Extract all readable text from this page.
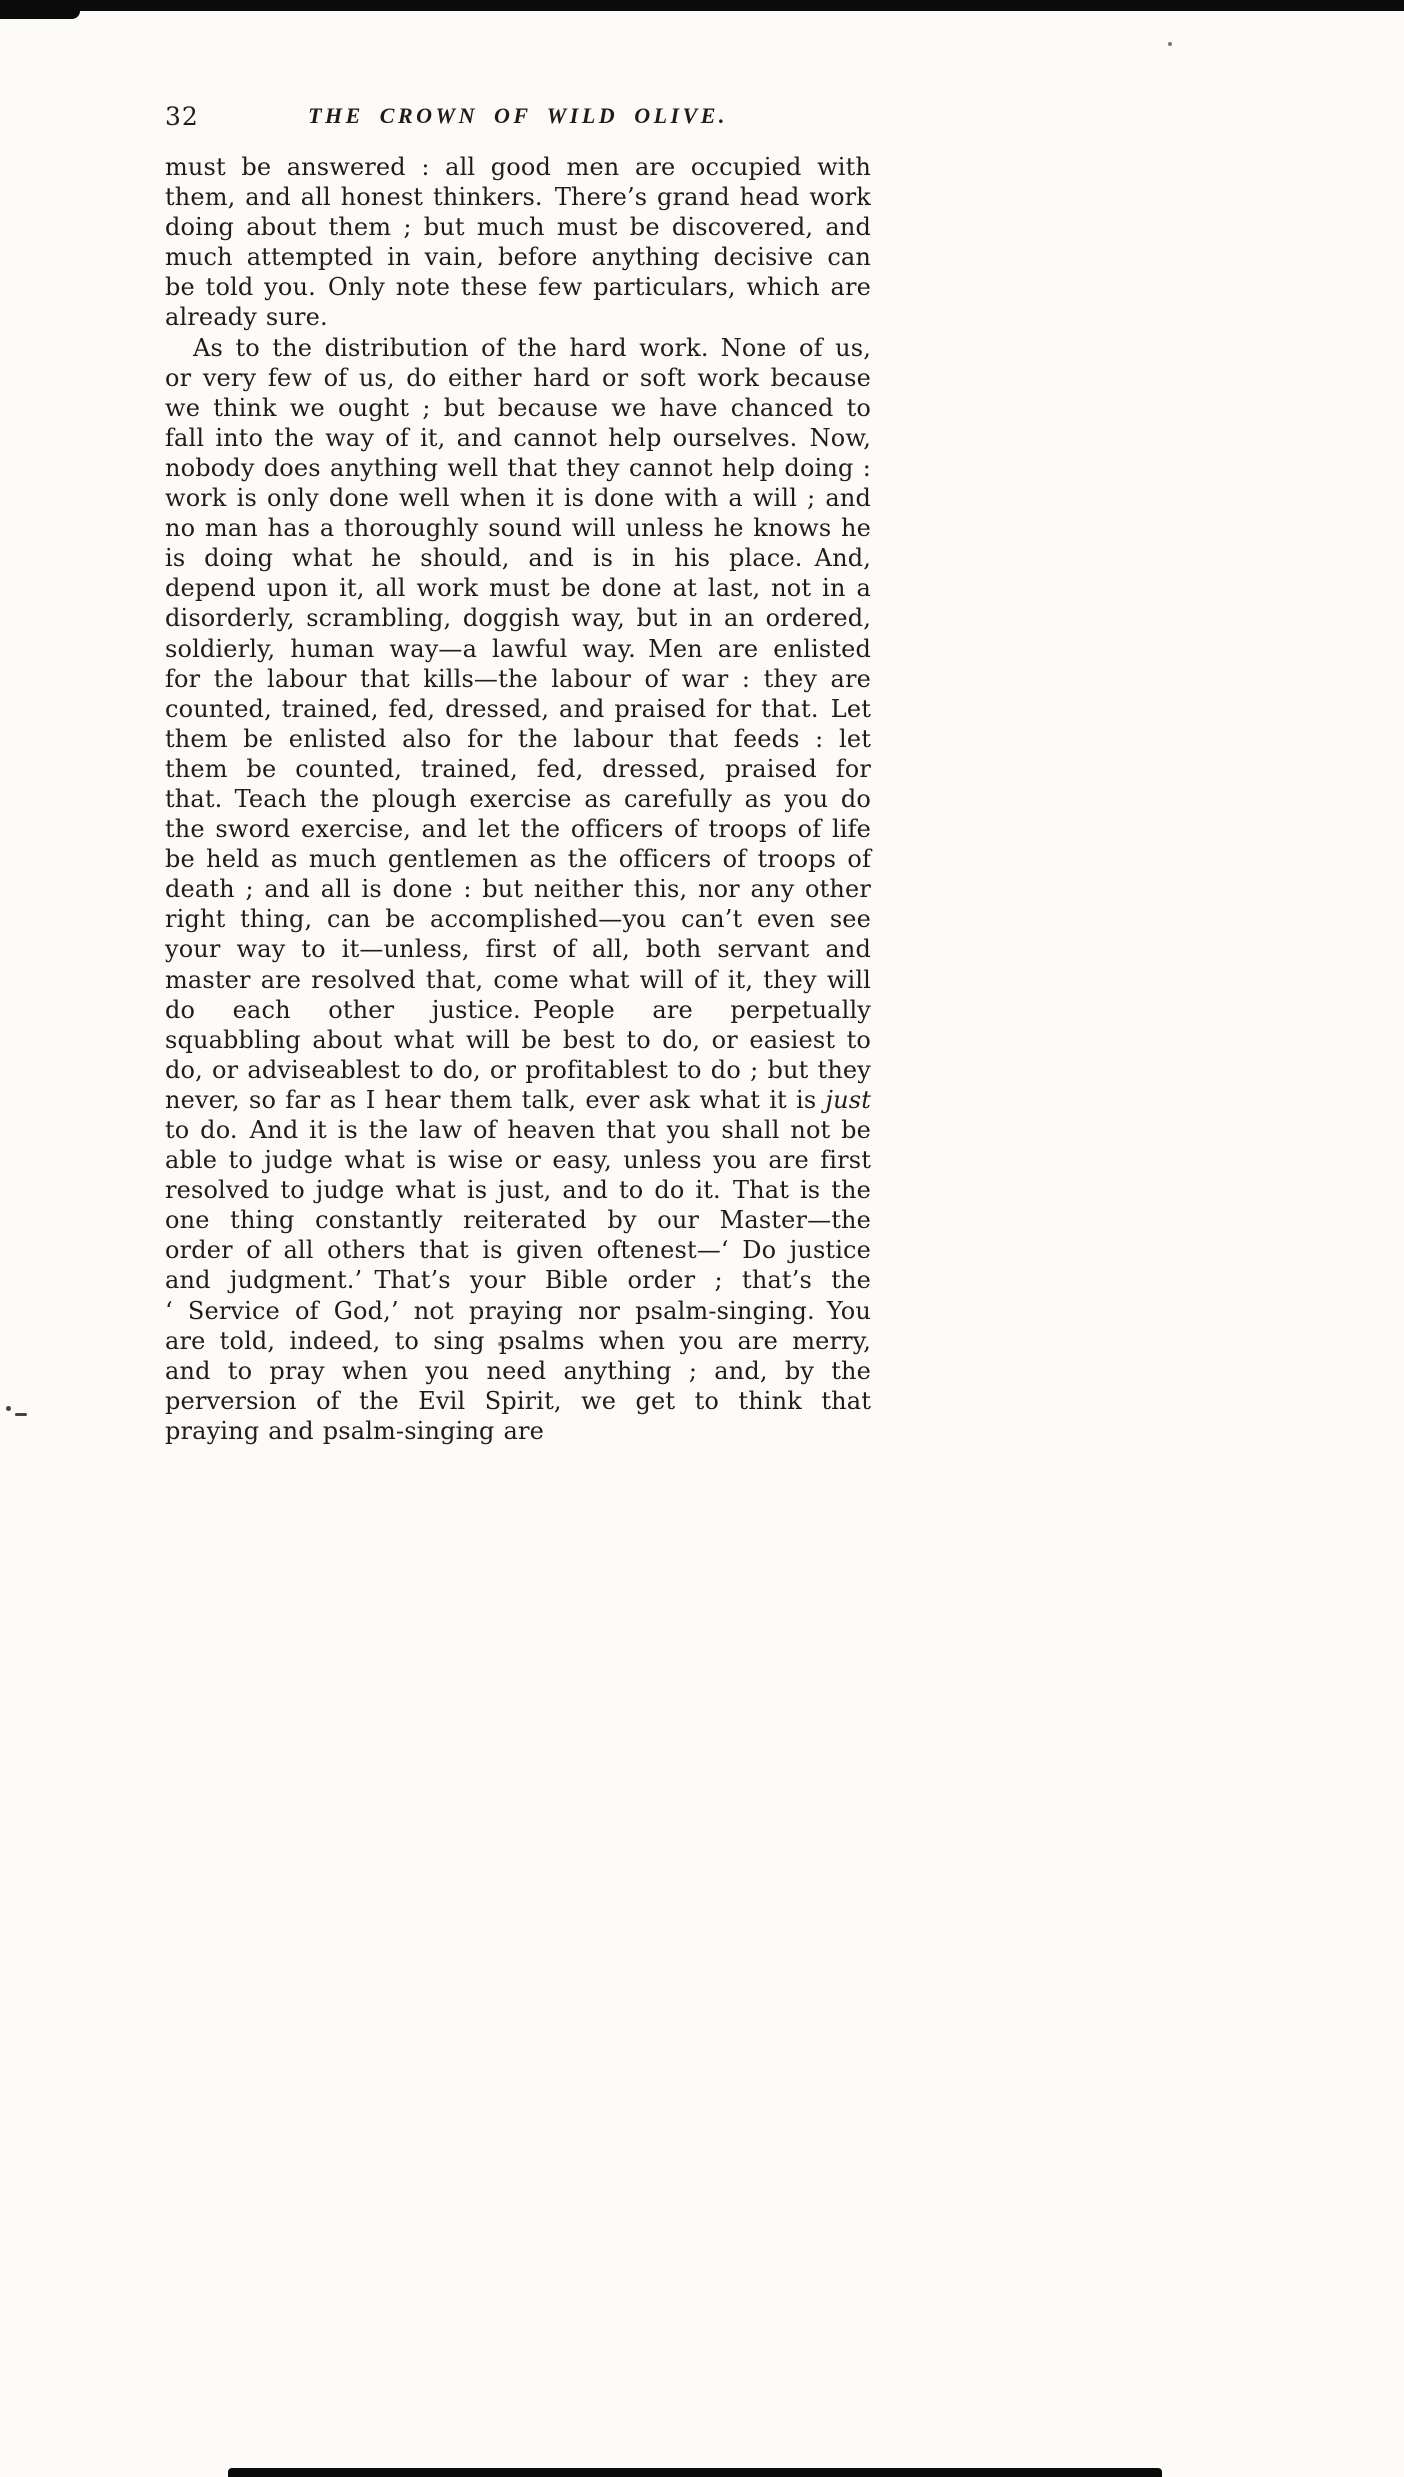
32	THE CROWN OF WILD OLIVE.

must be answered : all good men are occupied with them, and all honest thinkers. There’s grand head work doing about them ; but much must be discovered, and much attempted in vain, before anything decisive can be told you. Only note these few particulars, which are already sure.

As to the distribution of the hard work. None of us, or very few of us, do either hard or soft work because we think we ought ; but because we have chanced to fall into the way of it, and cannot help ourselves. Now, nobody does anything well that they cannot help doing : work is only done well when it is done with a will ; and no man has a thoroughly sound will unless he knows he is doing what he should, and is in his place. And, depend upon it, all work must be done at last, not in a disorderly, scrambling, doggish way, but in an ordered, soldierly, human way—a lawful way. Men are enlisted for the labour that kills—the labour of war : they are counted, trained, fed, dressed, and praised for that. Let them be enlisted also for the labour that feeds : let them be counted, trained, fed, dressed, praised for that. Teach the plough exercise as carefully as you do the sword exercise, and let the officers of troops of life be held as much gentlemen as the officers of troops of death ; and all is done : but neither this, nor any other right thing, can be accomplished—you can’t even see your way to it—unless, first of all, both servant and master are resolved that, come what will of it, they will do each other justice. People are perpetually squabbling about what will be best to do, or easiest to do, or adviseablest to do, or profitablest to do ; but they never, so far as I hear them talk, ever ask what it is just to do. And it is the law of heaven that you shall not be able to judge what is wise or easy, unless you are first resolved to judge what is just, and to do it. That is the one thing constantly reiterated by our Master—the order of all others that is given oftenest—‘ Do justice and judgment.’ That’s your Bible order ; that’s the ‘ Service of God,’ not praying nor psalm-singing. You are told, indeed, to sing psalms when you are merry, and to pray when you need anything ; and, by the perversion of the Evil Spirit, we get to think that praying and psalm-singing are
